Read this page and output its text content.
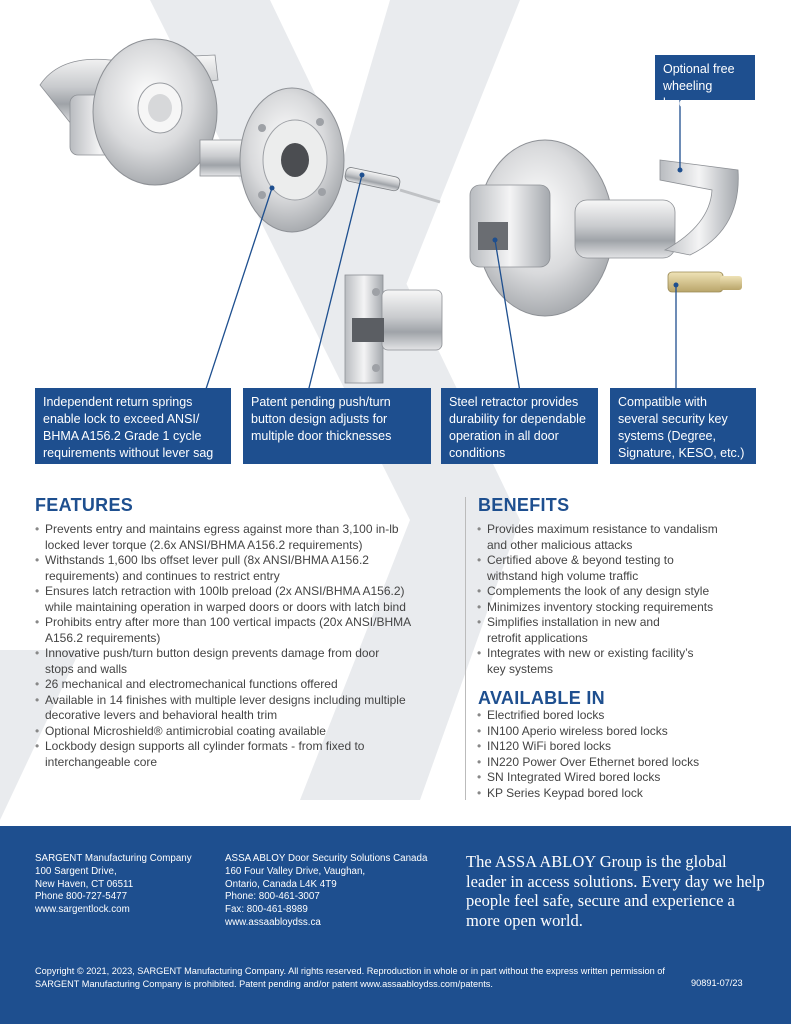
Optional free
wheeling levers
Independent return springs
enable lock to exceed ANSI/
BHMA A156.2 Grade 1 cycle
requirements without lever sag
Patent pending push/turn
button design adjusts for
multiple door thicknesses
Steel retractor provides
durability for dependable
operation in all door
conditions
Compatible with
several security key
systems (Degree,
Signature, KESO, etc.)
FEATURES
• Prevents entry and maintains egress against more than 3,100 in-lb
locked lever torque (2.6x ANSI/BHMA A156.2 requirements)
• Withstands 1,600 lbs offset lever pull (8x ANSI/BHMA A156.2
requirements) and continues to restrict entry
• Ensures latch retraction with 100lb preload (2x ANSI/BHMA A156.2)
while maintaining operation in warped doors or doors with latch bind
• Prohibits entry after more than 100 vertical impacts (20x ANSI/BHMA
A156.2 requirements)
• Innovative push/turn button design prevents damage from door
stops and walls
• 26 mechanical and electromechanical functions offered
• Available in 14 finishes with multiple lever designs including multiple
decorative levers and behavioral health trim
• Optional Microshield® antimicrobial coating available
• Lockbody design supports all cylinder formats - from fixed to
interchangeable core
BENEFITS
• Provides maximum resistance to vandalism
and other malicious attacks
• Certified above & beyond testing to
withstand high volume traffic
• Complements the look of any design style
• Minimizes inventory stocking requirements
• Simplifies installation in new and
retrofit applications
• Integrates with new or existing facility’s
key systems
AVAILABLE IN
• Electrified bored locks
• IN100 Aperio wireless bored locks
• IN120 WiFi bored locks
• IN220 Power Over Ethernet bored locks
• SN Integrated Wired bored locks
• KP Series Keypad bored lock
SARGENT Manufacturing Company
100 Sargent Drive,
New Haven, CT 06511
Phone 800-727-5477
www.sargentlock.com
ASSA ABLOY Door Security Solutions Canada
160 Four Valley Drive, Vaughan,
Ontario, Canada L4K 4T9
Phone: 800-461-3007
Fax: 800-461-8989
www.assaabloydss.ca
The ASSA ABLOY Group is the global leader in access solutions. Every day we help people feel safe, secure and experience a more open world.
Copyright © 2021, 2023, SARGENT Manufacturing Company. All rights reserved. Reproduction in whole or in part without the express written permission of SARGENT Manufacturing Company is prohibited. Patent pending and/or patent www.assaabloydss.com/patents.	90891-07/23
